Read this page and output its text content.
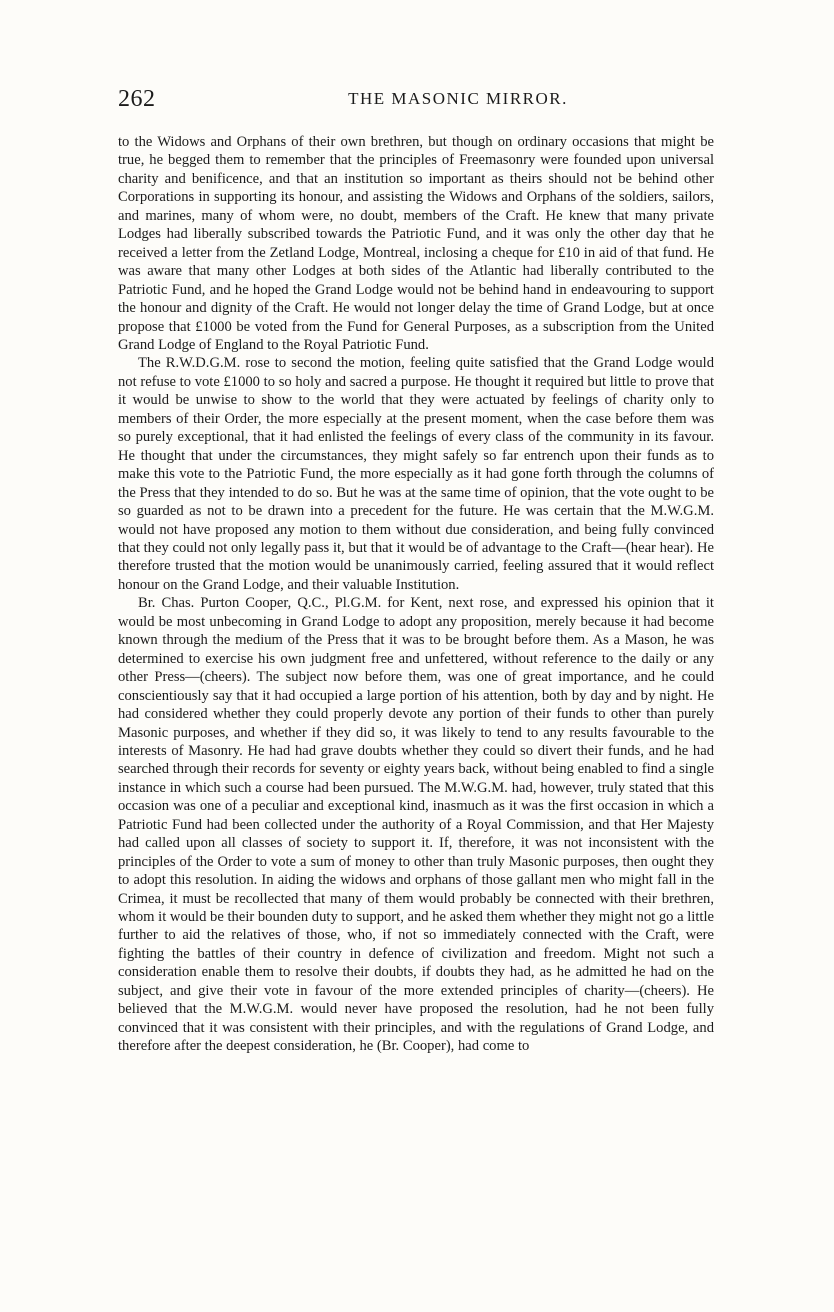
262	THE MASONIC MIRROR.

to the Widows and Orphans of their own brethren, but though on ordinary occasions that might be true, he begged them to remember that the principles of Freemasonry were founded upon universal charity and benificence, and that an institution so important as theirs should not be behind other Corporations in supporting its honour, and assisting the Widows and Orphans of the soldiers, sailors, and marines, many of whom were, no doubt, members of the Craft. He knew that many private Lodges had liberally subscribed towards the Patriotic Fund, and it was only the other day that he received a letter from the Zetland Lodge, Montreal, inclosing a cheque for £10 in aid of that fund. He was aware that many other Lodges at both sides of the Atlantic had liberally contributed to the Patriotic Fund, and he hoped the Grand Lodge would not be behind hand in endeavouring to support the honour and dignity of the Craft. He would not longer delay the time of Grand Lodge, but at once propose that £1000 be voted from the Fund for General Purposes, as a subscription from the United Grand Lodge of England to the Royal Patriotic Fund.

The R.W.D.G.M. rose to second the motion, feeling quite satisfied that the Grand Lodge would not refuse to vote £1000 to so holy and sacred a purpose. He thought it required but little to prove that it would be unwise to show to the world that they were actuated by feelings of charity only to members of their Order, the more especially at the present moment, when the case before them was so purely exceptional, that it had enlisted the feelings of every class of the community in its favour. He thought that under the circumstances, they might safely so far entrench upon their funds as to make this vote to the Patriotic Fund, the more especially as it had gone forth through the columns of the Press that they intended to do so. But he was at the same time of opinion, that the vote ought to be so guarded as not to be drawn into a precedent for the future. He was certain that the M.W.G.M. would not have proposed any motion to them without due consideration, and being fully convinced that they could not only legally pass it, but that it would be of advantage to the Craft—(hear hear). He therefore trusted that the motion would be unanimously carried, feeling assured that it would reflect honour on the Grand Lodge, and their valuable Institution.

Br. Chas. Purton Cooper, Q.C., Pl.G.M. for Kent, next rose, and expressed his opinion that it would be most unbecoming in Grand Lodge to adopt any proposition, merely because it had become known through the medium of the Press that it was to be brought before them. As a Mason, he was determined to exercise his own judgment free and unfettered, without reference to the daily or any other Press—(cheers). The subject now before them, was one of great importance, and he could conscientiously say that it had occupied a large portion of his attention, both by day and by night. He had considered whether they could properly devote any portion of their funds to other than purely Masonic purposes, and whether if they did so, it was likely to tend to any results favourable to the interests of Masonry. He had had grave doubts whether they could so divert their funds, and he had searched through their records for seventy or eighty years back, without being enabled to find a single instance in which such a course had been pursued. The M.W.G.M. had, however, truly stated that this occasion was one of a peculiar and exceptional kind, inasmuch as it was the first occasion in which a Patriotic Fund had been collected under the authority of a Royal Commission, and that Her Majesty had called upon all classes of society to support it. If, therefore, it was not inconsistent with the principles of the Order to vote a sum of money to other than truly Masonic purposes, then ought they to adopt this resolution. In aiding the widows and orphans of those gallant men who might fall in the Crimea, it must be recollected that many of them would probably be connected with their brethren, whom it would be their bounden duty to support, and he asked them whether they might not go a little further to aid the relatives of those, who, if not so immediately connected with the Craft, were fighting the battles of their country in defence of civilization and freedom. Might not such a consideration enable them to resolve their doubts, if doubts they had, as he admitted he had on the subject, and give their vote in favour of the more extended principles of charity—(cheers). He believed that the M.W.G.M. would never have proposed the resolution, had he not been fully convinced that it was consistent with their principles, and with the regulations of Grand Lodge, and therefore after the deepest consideration, he (Br. Cooper), had come to
